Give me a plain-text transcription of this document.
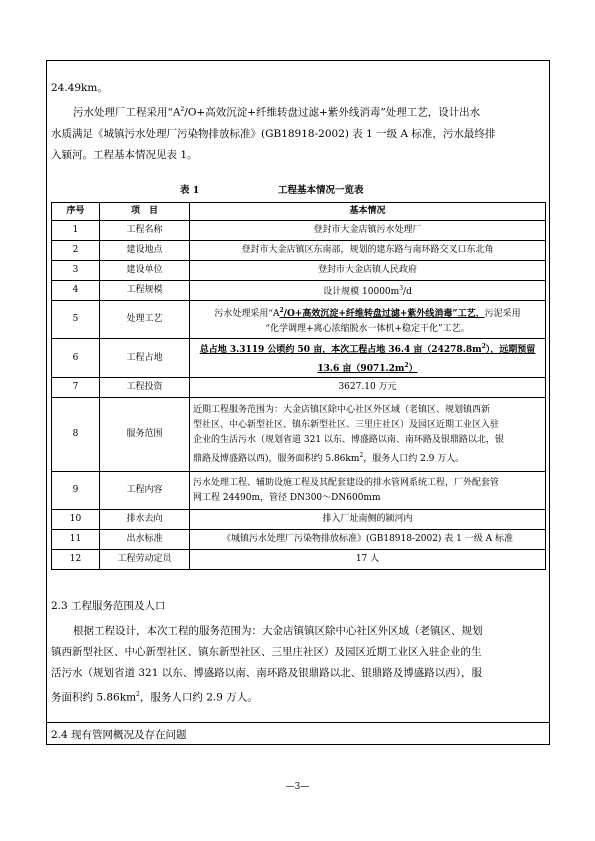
24.49km。
污水处理厂工程采用“$A^2/O+$高效沉淀+纤维转盘过滤+紫外线消毒”处理工艺，设计出水
水质满足《城镇污水处理厂污染物排放标准》(GB18918-2002) 表 1 一级 A 标准，污水最终排
入颍河。工程基本情况见表 1。
表 1	工程基本情况一览表
序号	项　目	基本情况
1	工程名称	登封市大金店镇污水处理厂
2	建设地点	登封市大金店镇区东南部，规划的建东路与南环路交叉口东北角
3	建设单位	登封市大金店镇人民政府
4	工程规模	设计规模 $10000m^3/d$
5	处理工艺	污水处理采用“$A^2/O+$高效沉淀+纤维转盘过滤+紫外线消毒”工艺，污泥采用
“化学调理+离心浓缩脱水一体机+稳定干化”工艺。

6	工程占地	总占地 3.3119 公顷约 50 亩，本次工程占地 36.4 亩$(24278.8m^2)$，远期预留
13.6 亩$(9071.2m^2)$

7	工程投资	3627.10 万元
8	服务范围	近期工程服务范围为：大金店镇区除中心社区外区域（老镇区、规划镇西新
型社区、中心新型社区、镇东新型社区、三里庄社区）及园区近期工业区入驻
企业的生活污水（规划省道 321 以东、博盛路以南、南环路及银鼎路以北，银
鼎路及博盛路以西)，服务面积约 $5.86km^2$，服务人口约 2.9 万人。

9	工程内容	污水处理工程、辅助设施工程及其配套建设的排水管网系统工程，厂外配套管
网工程 24490m，管径 DN300～DN600mm

10	排水去向	排入厂址南侧的颍河内
11	出水标准	《城镇污水处理厂污染物排放标准》(GB18918-2002) 表 1 一级 A 标准
12	工程劳动定员	17 人
2.3 工程服务范围及人口
根据工程设计，本次工程的服务范围为：大金店镇镇区除中心社区外区域（老镇区、规划
镇西新型社区、中心新型社区、镇东新型社区、三里庄社区）及园区近期工业区入驻企业的生
活污水（规划省道 321 以东、博盛路以南、南环路及银鼎路以北、银鼎路及博盛路以西），服
务面积约 $5.86km^2$，服务人口约 2.9 万人。
2.4 现有管网概况及存在问题
—3—
